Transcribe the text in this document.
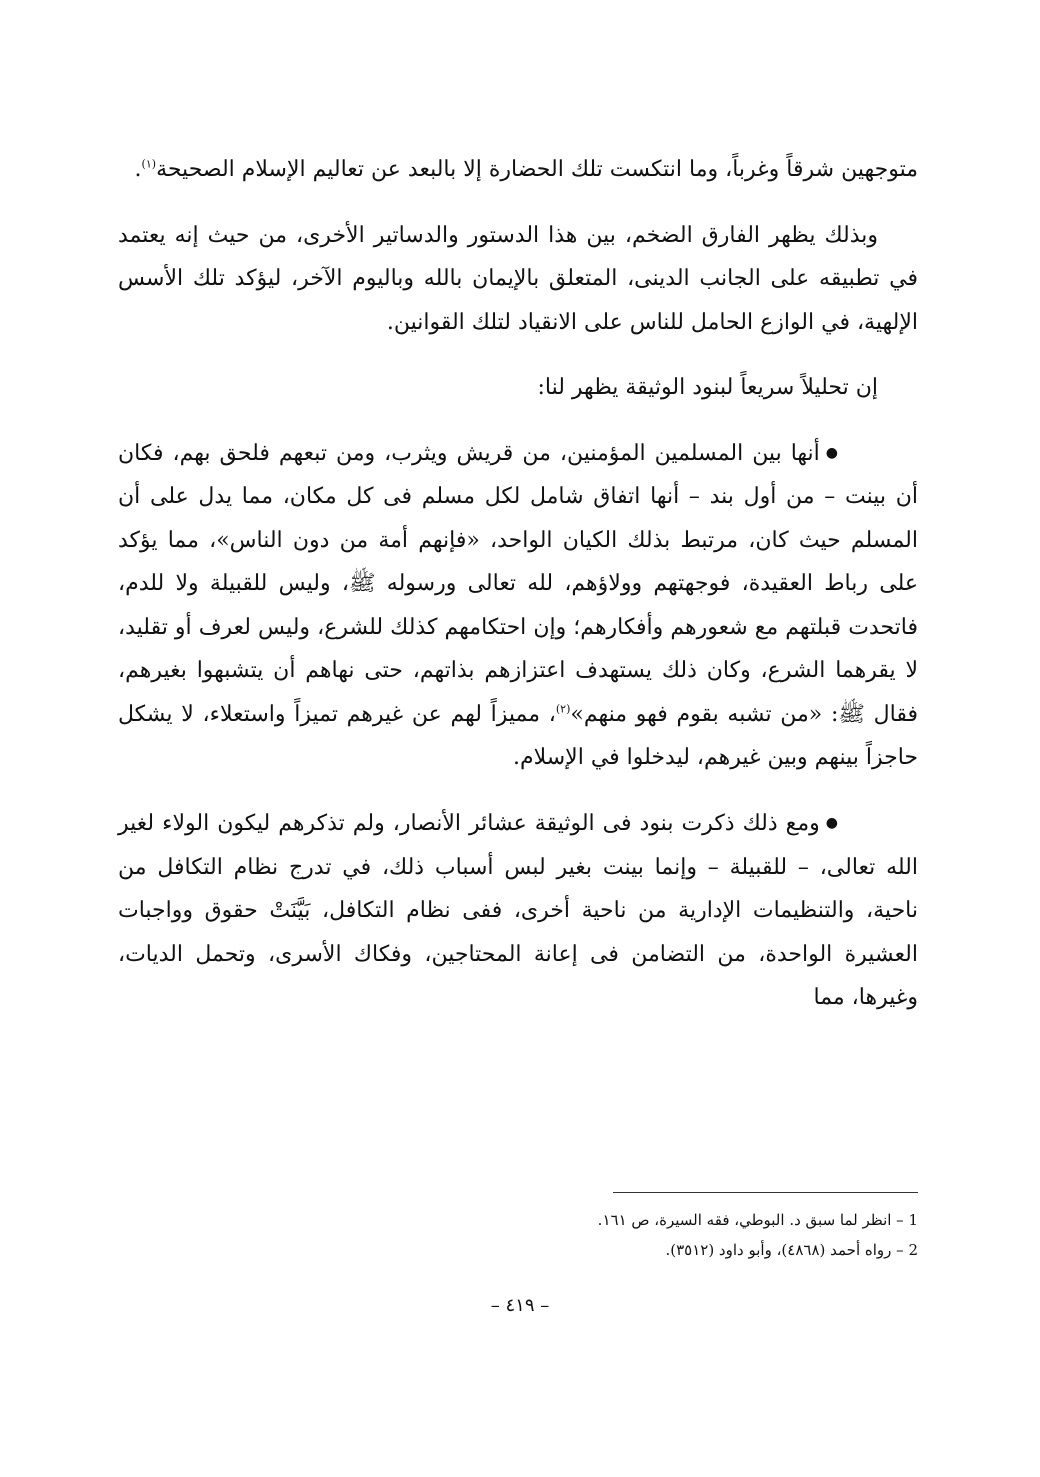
متوجهين شرقاً وغرباً، وما انتكست تلك الحضارة إلا بالبعد عن تعاليم الإسلام الصحيحة$^{(١)}$.

وبذلك يظهر الفارق الضخم، بين هذا الدستور والدساتير الأخرى، من حيث إنه يعتمد في تطبيقه على الجانب الدينى، المتعلق بالإيمان بالله وباليوم الآخر، ليؤكد تلك الأسس الإلهية، في الوازع الحامل للناس على الانقياد لتلك القوانين.

إن تحليلاً سريعاً لبنود الوثيقة يظهر لنا:

●أنها بين المسلمين المؤمنين، من قريش ويثرب، ومن تبعهم فلحق بهم، فكان أن بينت – من أول بند – أنها اتفاق شامل لكل مسلم فى كل مكان، مما يدل على أن المسلم حيث كان، مرتبط بذلك الكيان الواحد، «فإنهم أمة من دون الناس»، مما يؤكد على رباط العقيدة، فوجهتهم وولاؤهم، لله تعالى ورسوله ﷺ، وليس للقبيلة ولا للدم، فاتحدت قبلتهم مع شعورهم وأفكارهم؛ وإن احتكامهم كذلك للشرع، وليس لعرف أو تقليد، لا يقرهما الشرع، وكان ذلك يستهدف اعتزازهم بذاتهم، حتى نهاهم أن يتشبهوا بغيرهم، فقال ﷺ: «من تشبه بقوم فهو منهم»$^{(٢)}$، مميزاً لهم عن غيرهم تميزاً واستعلاء، لا يشكل حاجزاً بينهم وبين غيرهم، ليدخلوا في الإسلام.

●ومع ذلك ذكرت بنود فى الوثيقة عشائر الأنصار، ولم تذكرهم ليكون الولاء لغير الله تعالى، – للقبيلة – وإنما بينت بغير لبس أسباب ذلك، في تدرج نظام التكافل من ناحية، والتنظيمات الإدارية من ناحية أخرى، ففى نظام التكافل، بَيَّنَتْ حقوق وواجبات العشيرة الواحدة، من التضامن فى إعانة المحتاجين، وفكاك الأسرى، وتحمل الديات، وغيرها، مما

1 – انظر لما سبق د. البوطي، فقه السيرة، ص ١٦١.
2 – رواه أحمد (٤٨٦٨)، وأبو داود (٣٥١٢).
– ٤١٩ –
